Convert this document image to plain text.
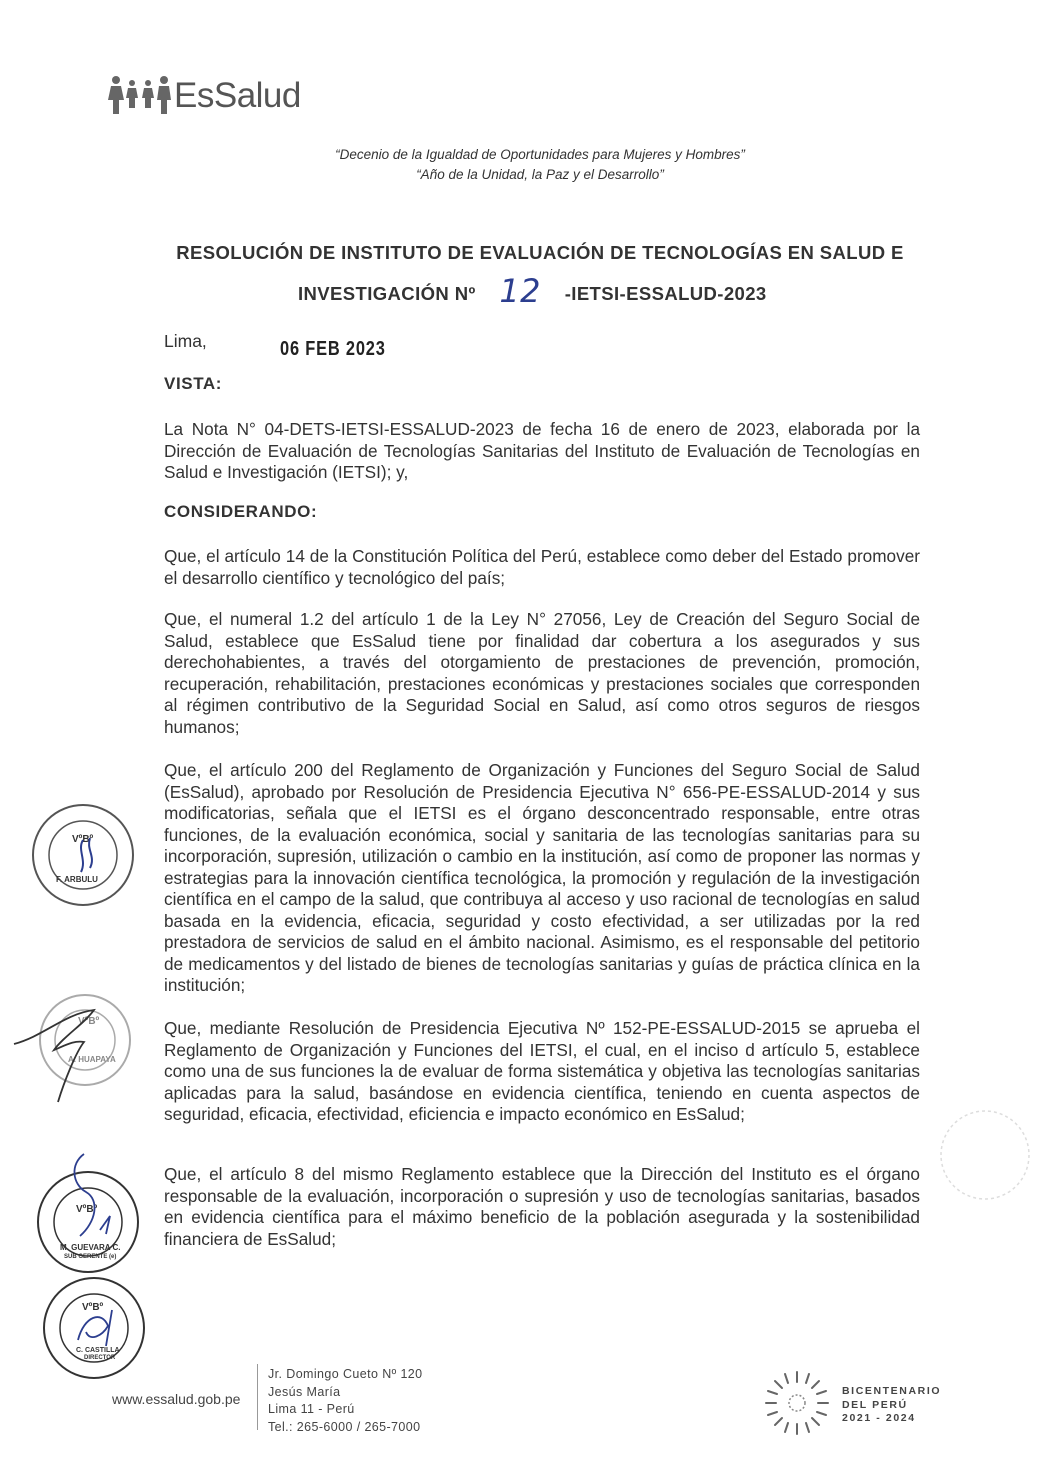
EsSalud
“Decenio de la Igualdad de Oportunidades para Mujeres y Hombres”
“Año de la Unidad, la Paz y el Desarrollo”
RESOLUCIÓN DE INSTITUTO DE EVALUACIÓN DE TECNOLOGÍAS EN SALUD E
INVESTIGACIÓN Nº 12 -IETSI-ESSALUD-2023
Lima,	06 FEB 2023
VISTA:
La Nota N° 04-DETS-IETSI-ESSALUD-2023 de fecha 16 de enero de 2023, elaborada por la Dirección de Evaluación de Tecnologías Sanitarias del Instituto de Evaluación de Tecnologías en Salud e Investigación (IETSI); y,
CONSIDERANDO:
Que, el artículo 14 de la Constitución Política del Perú, establece como deber del Estado promover el desarrollo científico y tecnológico del país;
Que, el numeral 1.2 del artículo 1 de la Ley N° 27056, Ley de Creación del Seguro Social de Salud, establece que EsSalud tiene por finalidad dar cobertura a los asegurados y sus derechohabientes, a través del otorgamiento de prestaciones de prevención, promoción, recuperación, rehabilitación, prestaciones económicas y prestaciones sociales que corresponden al régimen contributivo de la Seguridad Social en Salud, así como otros seguros de riesgos humanos;
Que, el artículo 200 del Reglamento de Organización y Funciones del Seguro Social de Salud (EsSalud), aprobado por Resolución de Presidencia Ejecutiva N° 656-PE-ESSALUD-2014 y sus modificatorias, señala que el IETSI es el órgano desconcentrado responsable, entre otras funciones, de la evaluación económica, social y sanitaria de las tecnologías sanitarias para su incorporación, supresión, utilización o cambio en la institución, así como de proponer las normas y estrategias para la innovación científica tecnológica, la promoción y regulación de la investigación científica en el campo de la salud, que contribuya al acceso y uso racional de tecnologías en salud basada en la evidencia, eficacia, seguridad y costo efectividad, a ser utilizadas por la red prestadora de servicios de salud en el ámbito nacional. Asimismo, es el responsable del petitorio de medicamentos y del listado de bienes de tecnologías sanitarias y guías de práctica clínica en la institución;
Que, mediante Resolución de Presidencia Ejecutiva Nº 152-PE-ESSALUD-2015 se aprueba el Reglamento de Organización y Funciones del IETSI, el cual, en el inciso d artículo 5, establece como una de sus funciones la de evaluar de forma sistemática y objetiva las tecnologías sanitarias aplicadas para la salud, basándose en evidencia científica, teniendo en cuenta aspectos de seguridad, eficacia, efectividad, eficiencia e impacto económico en EsSalud;
Que, el artículo 8 del mismo Reglamento establece que la Dirección del Instituto es el órgano responsable de la evaluación, incorporación o supresión y uso de tecnologías sanitarias, basados en evidencia científica para el máximo beneficio de la población asegurada y la sostenibilidad financiera de EsSalud;
VºBº
F. ARBULU
VºBº
A. HUAPAYA
VºBº
M. GUEVARA C.
SUB GERENTE (e)
VºBº
C. CASTILLA
DIRECTOR
www.essalud.gob.pe
Jr. Domingo Cueto Nº 120
Jesús María
Lima 11 - Perú
Tel.: 265-6000 / 265-7000
BICENTENARIO
DEL PERÚ
2021 - 2024
